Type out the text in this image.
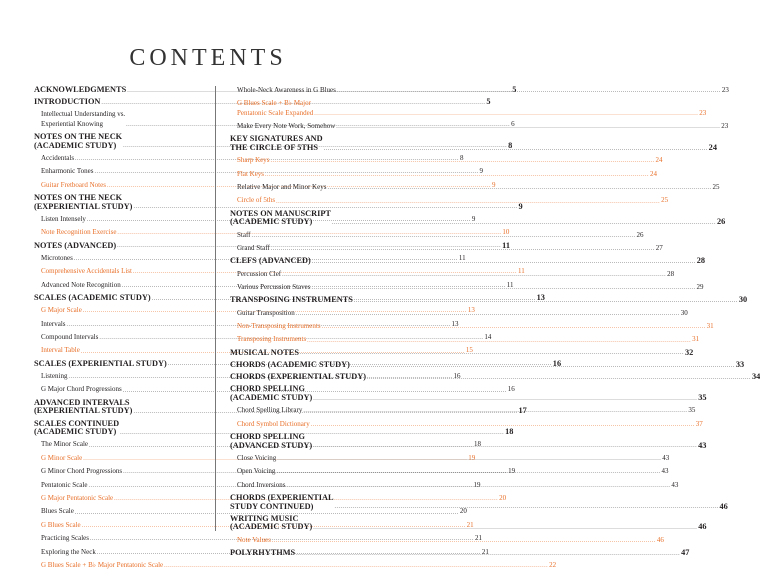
CONTENTS
ACKNOWLEDGMENTS .....	5
INTRODUCTION .....	5
Intellectual Understanding vs.
Experiential Knowing .....	6
NOTES ON THE NECK
(ACADEMIC STUDY) .....	8
Accidentals .....	8
Enharmonic Tones .....	9
Guitar Fretboard Notes .....	9
NOTES ON THE NECK
(EXPERIENTIAL STUDY) .....	9
Listen Intensely .....	9
Note Recognition Exercise .....	10
NOTES (ADVANCED) .....	11
Microtones .....	11
Comprehensive Accidentals List .....	11
Advanced Note Recognition .....	11
SCALES (ACADEMIC STUDY) .....	13
G Major Scale .....	13
Intervals .....	13
Compound Intervals .....	14
Interval Table .....	15
SCALES (EXPERIENTIAL STUDY) .....	16
Listening .....	16
G Major Chord Progressions .....	16
ADVANCED INTERVALS
(EXPERIENTIAL STUDY) .....	17
SCALES CONTINUED
(ACADEMIC STUDY) .....	18
The Minor Scale .....	18
G Minor Scale .....	19
G Minor Chord Progressions .....	19
Pentatonic Scale .....	19
G Major Pentatonic Scale .....	20
Blues Scale .....	20
G Blues Scale .....	21
Practicing Scales .....	21
Exploring the Neck .....	21
G Blues Scale + B♭ Major Pentatonic Scale .....	22
Whole-Neck Awareness in G Blues .....	23
G Blues Scale + B♭ Major
Pentatonic Scale Expanded .....	23
Make Every Note Work, Somehow .....	23
KEY SIGNATURES AND
THE CIRCLE OF 5THS .....	24
Sharp Keys .....	24
Flat Keys .....	24
Relative Major and Minor Keys .....	25
Circle of 5ths .....	25
NOTES ON MANUSCRIPT
(ACADEMIC STUDY) .....	26
Staff .....	26
Grand Staff .....	27
CLEFS (ADVANCED) .....	28
Percussion Clef .....	28
Various Percussion Staves .....	29
TRANSPOSING INSTRUMENTS .....	30
Guitar Transposition .....	30
Non-Transposing Instruments .....	31
Transposing Instruments .....	31
MUSICAL NOTES .....	32
CHORDS (ACADEMIC STUDY) .....	33
CHORDS (EXPERIENTIAL STUDY) .....	34
CHORD SPELLING
(ACADEMIC STUDY) .....	35
Chord Spelling Library .....	35
Chord Symbol Dictionary .....	37
CHORD SPELLING
(ADVANCED STUDY) .....	43
Close Voicing .....	43
Open Voicing .....	43
Chord Inversions .....	43
CHORDS (EXPERIENTIAL
STUDY CONTINUED) .....	46
WRITING MUSIC
(ACADEMIC STUDY) .....	46
Note Values .....	46
POLYRHYTHMS .....	47
